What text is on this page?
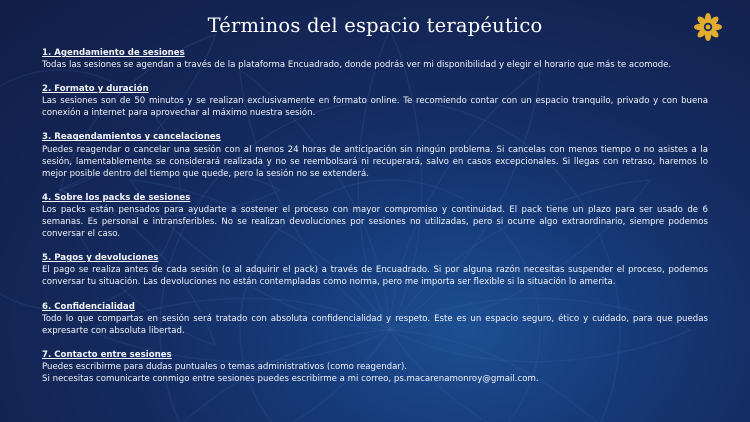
Términos del espacio terapéutico

1. Agendamiento de sesiones

Todas las sesiones se agendan a través de la plataforma Encuadrado, donde podrás ver mi disponibilidad y elegir el horario que más te acomode.

2. Formato y duración

Las sesiones son de 50 minutos y se realizan exclusivamente en formato online. Te recomiendo contar con un espacio tranquilo, privado y con buena conexión a internet para aprovechar al máximo nuestra sesión.

3. Reagendamientos y cancelaciones

Puedes reagendar o cancelar una sesión con al menos 24 horas de anticipación sin ningún problema. Si cancelas con menos tiempo o no asistes a la sesión, lamentablemente se considerará realizada y no se reembolsará ni recuperará, salvo en casos excepcionales. Si llegas con retraso, haremos lo mejor posible dentro del tiempo que quede, pero la sesión no se extenderá.

4. Sobre los packs de sesiones

Los packs están pensados para ayudarte a sostener el proceso con mayor compromiso y continuidad. El pack tiene un plazo para ser usado de 6 semanas. Es personal e intransferibles. No se realizan devoluciones por sesiones no utilizadas, pero si ocurre algo extraordinario, siempre podemos conversar el caso.

5. Pagos y devoluciones

El pago se realiza antes de cada sesión (o al adquirir el pack) a través de Encuadrado. Si por alguna razón necesitas suspender el proceso, podemos conversar tu situación. Las devoluciones no están contempladas como norma, pero me importa ser flexible si la situación lo amerita.

6. Confidencialidad

Todo lo que compartas en sesión será tratado con absoluta confidencialidad y respeto. Este es un espacio seguro, ético y cuidado, para que puedas expresarte con absoluta libertad.

7. Contacto entre sesiones

Puedes escribirme para dudas puntuales o temas administrativos (como reagendar).

Si necesitas comunicarte conmigo entre sesiones puedes escribirme a mi correo, ps.macarenamonroy@gmail.com.
